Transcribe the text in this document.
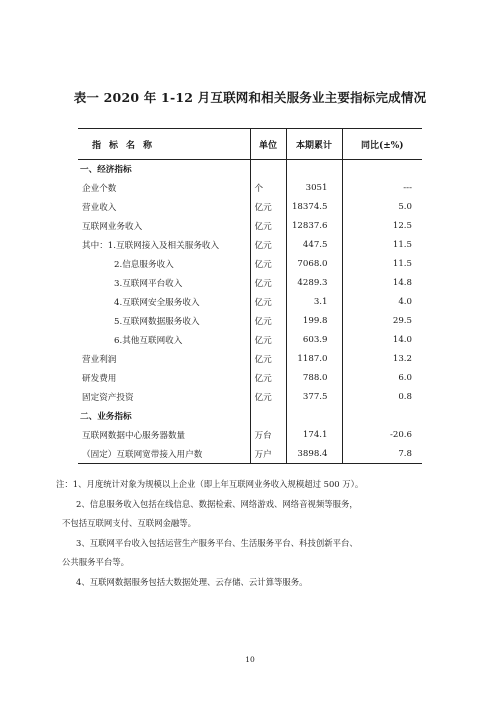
表一 2020 年 1-12 月互联网和相关服务业主要指标完成情况
指标名称	单位	本期累计	同比(±%)
一、经济指标			
企业个数	个	3051	---
营业收入	亿元	18374.5	5.0
互联网业务收入	亿元	12837.6	12.5
其中：1.互联网接入及相关服务收入	亿元	447.5	11.5
2.信息服务收入	亿元	7068.0	11.5
3.互联网平台收入	亿元	4289.3	14.8
4.互联网安全服务收入	亿元	3.1	4.0
5.互联网数据服务收入	亿元	199.8	29.5
6.其他互联网收入	亿元	603.9	14.0
营业利润	亿元	1187.0	13.2
研发费用	亿元	788.0	6.0
固定资产投资	亿元	377.5	0.8
二、业务指标			
互联网数据中心服务器数量	万台	174.1	-20.6
（固定）互联网宽带接入用户数	万户	3898.4	7.8

注：1、月度统计对象为规模以上企业（即上年互联网业务收入规模超过 500 万）。

2、信息服务收入包括在线信息、数据检索、网络游戏、网络音视频等服务，

不包括互联网支付、互联网金融等。

3、互联网平台收入包括运营生产服务平台、生活服务平台、科技创新平台、

公共服务平台等。

4、互联网数据服务包括大数据处理、云存储、云计算等服务。

10
